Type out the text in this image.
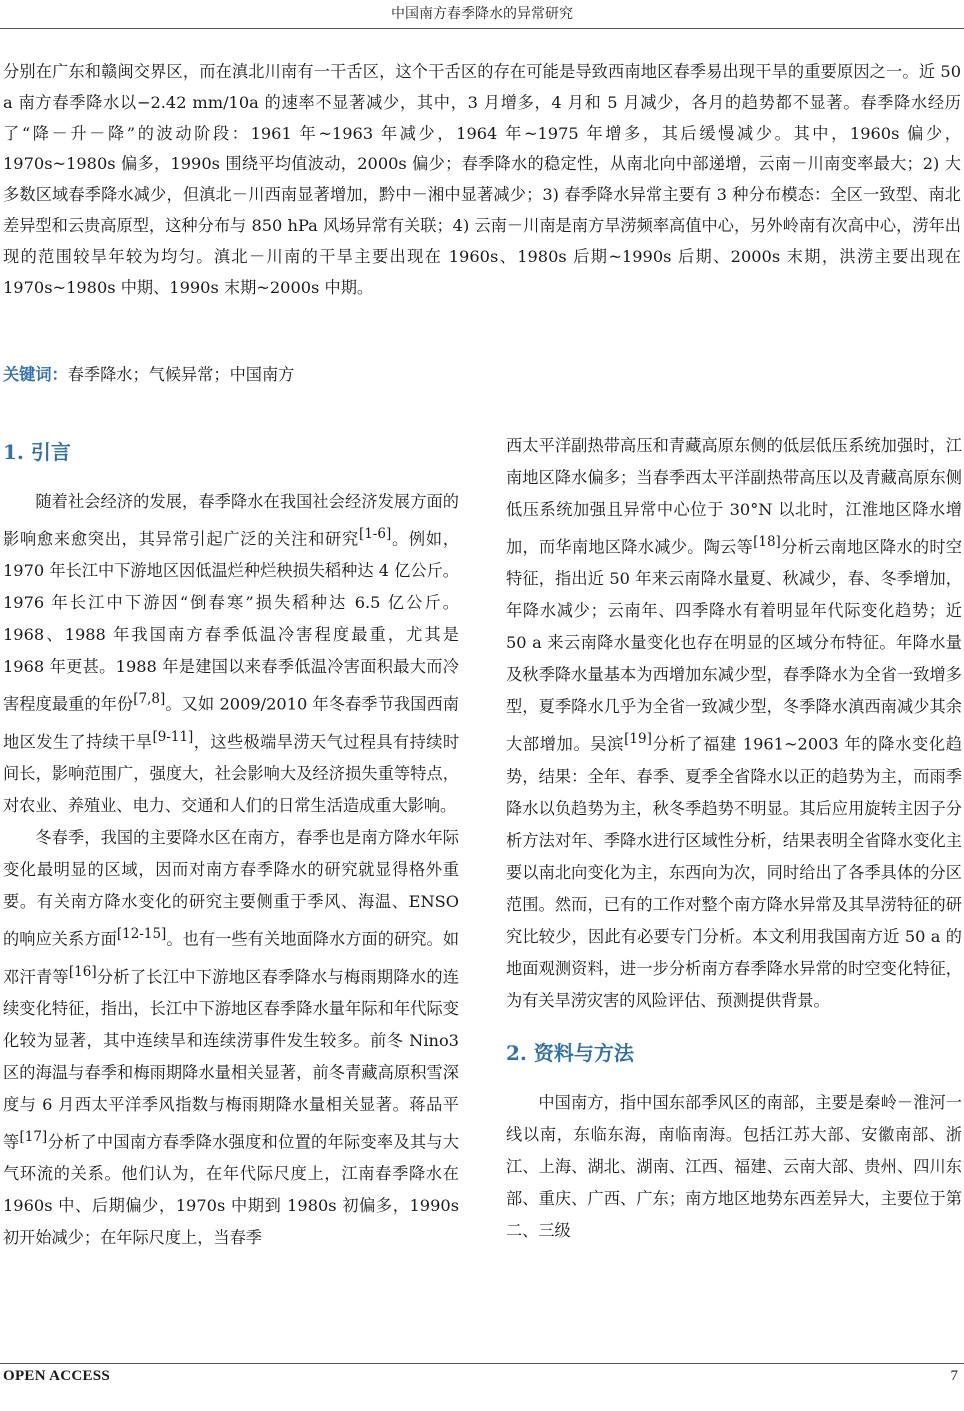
中国南方春季降水的异常研究

分别在广东和赣闽交界区，而在滇北川南有一干舌区，这个干舌区的存在可能是导致西南地区春季易出现干旱的重要原因之一。近 50 a 南方春季降水以−2.42 mm/10a 的速率不显著减少，其中，3 月增多，4 月和 5 月减少，各月的趋势都不显著。春季降水经历了“降－升－降”的波动阶段：1961 年~1963 年减少，1964 年~1975 年增多，其后缓慢减少。其中，1960s 偏少，1970s~1980s 偏多，1990s 围绕平均值波动，2000s 偏少；春季降水的稳定性，从南北向中部递增，云南－川南变率最大；2) 大多数区域春季降水减少，但滇北－川西南显著增加，黔中－湘中显著减少；3) 春季降水异常主要有 3 种分布模态：全区一致型、南北差异型和云贵高原型，这种分布与 850 hPa 风场异常有关联；4) 云南－川南是南方旱涝频率高值中心，另外岭南有次高中心，涝年出现的范围较旱年较为均匀。滇北－川南的干旱主要出现在 1960s、1980s 后期~1990s 后期、2000s 末期，洪涝主要出现在 1970s~1980s 中期、1990s 末期~2000s 中期。

关键词：春季降水；气候异常；中国南方
1. 引言

随着社会经济的发展，春季降水在我国社会经济发展方面的影响愈来愈突出，其异常引起广泛的关注和研究[1-6]。例如，1970 年长江中下游地区因低温烂种烂秧损失稻种达 4 亿公斤。1976 年长江中下游因“倒春寒”损失稻种达 6.5 亿公斤。1968、1988 年我国南方春季低温冷害程度最重，尤其是 1968 年更甚。1988 年是建国以来春季低温冷害面积最大而冷害程度最重的年份[7,8]。又如 2009/2010 年冬春季节我国西南地区发生了持续干旱[9-11]，这些极端旱涝天气过程具有持续时间长，影响范围广，强度大，社会影响大及经济损失重等特点，对农业、养殖业、电力、交通和人们的日常生活造成重大影响。

冬春季，我国的主要降水区在南方，春季也是南方降水年际变化最明显的区域，因而对南方春季降水的研究就显得格外重要。有关南方降水变化的研究主要侧重于季风、海温、ENSO 的响应关系方面[12-15]。也有一些有关地面降水方面的研究。如邓汗青等[16]分析了长江中下游地区春季降水与梅雨期降水的连续变化特征，指出，长江中下游地区春季降水量年际和年代际变化较为显著，其中连续旱和连续涝事件发生较多。前冬 Nino3 区的海温与春季和梅雨期降水量相关显著，前冬青藏高原积雪深度与 6 月西太平洋季风指数与梅雨期降水量相关显著。蒋品平等[17]分析了中国南方春季降水强度和位置的年际变率及其与大气环流的关系。他们认为，在年代际尺度上，江南春季降水在 1960s 中、后期偏少，1970s 中期到 1980s 初偏多，1990s 初开始减少；在年际尺度上，当春季

西太平洋副热带高压和青藏高原东侧的低层低压系统加强时，江南地区降水偏多；当春季西太平洋副热带高压以及青藏高原东侧低压系统加强且异常中心位于 30°N 以北时，江淮地区降水增加，而华南地区降水减少。陶云等[18]分析云南地区降水的时空特征，指出近 50 年来云南降水量夏、秋减少，春、冬季增加，年降水减少；云南年、四季降水有着明显年代际变化趋势；近 50 a 来云南降水量变化也存在明显的区域分布特征。年降水量及秋季降水量基本为西增加东减少型，春季降水为全省一致增多型，夏季降水几乎为全省一致减少型，冬季降水滇西南减少其余大部增加。吴滨[19]分析了福建 1961~2003 年的降水变化趋势，结果：全年、春季、夏季全省降水以正的趋势为主，而雨季降水以负趋势为主，秋冬季趋势不明显。其后应用旋转主因子分析方法对年、季降水进行区域性分析，结果表明全省降水变化主要以南北向变化为主，东西向为次，同时给出了各季具体的分区范围。然而，已有的工作对整个南方降水异常及其旱涝特征的研究比较少，因此有必要专门分析。本文利用我国南方近 50 a 的地面观测资料，进一步分析南方春季降水异常的时空变化特征，为有关旱涝灾害的风险评估、预测提供背景。

2. 资料与方法

中国南方，指中国东部季风区的南部，主要是秦岭－淮河一线以南，东临东海，南临南海。包括江苏大部、安徽南部、浙江、上海、湖北、湖南、江西、福建、云南大部、贵州、四川东部、重庆、广西、广东；南方地区地势东西差异大，主要位于第二、三级

OPEN ACCESS	7
